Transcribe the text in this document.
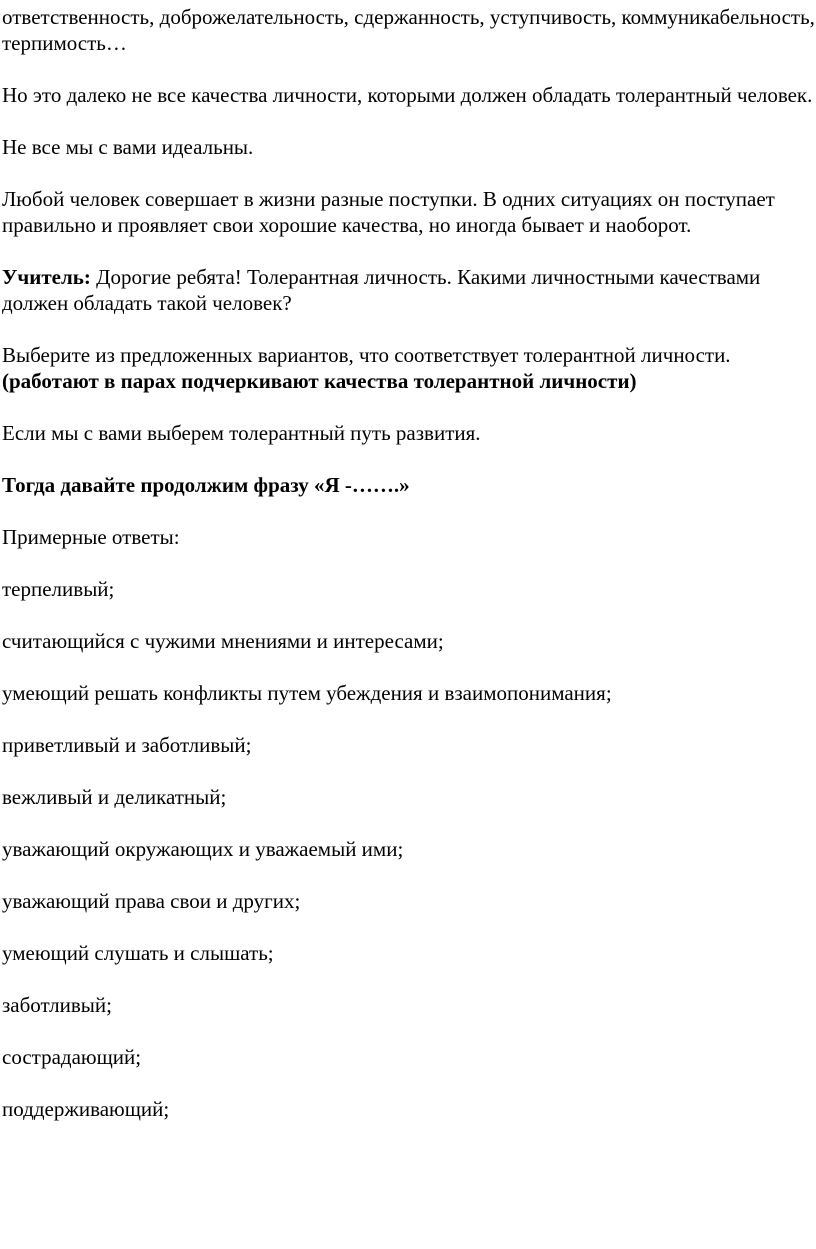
ответственность, доброжелательность, сдержанность, уступчивость, коммуникабельность, терпимость…

Но это далеко не все качества личности, которыми должен обладать толерантный человек.

Не все мы с вами идеальны.

Любой человек совершает в жизни разные поступки. В одних ситуациях он поступает правильно и проявляет свои хорошие качества, но иногда бывает и наоборот.

Учитель: Дорогие ребята! Толерантная личность. Какими личностными качествами должен обладать такой человек?

Выберите из предложенных вариантов, что соответствует толерантной личности. (работают в парах подчеркивают качества толерантной личности)

Если мы с вами выберем толерантный путь развития.

Тогда давайте продолжим фразу «Я -…….»

Примерные ответы:

терпеливый;

считающийся с чужими мнениями и интересами;

умеющий решать конфликты путем убеждения и взаимопонимания;

приветливый и заботливый;

вежливый и деликатный;

уважающий окружающих и уважаемый ими;

уважающий права свои и других;

умеющий слушать и слышать;

заботливый;

сострадающий;

поддерживающий;
